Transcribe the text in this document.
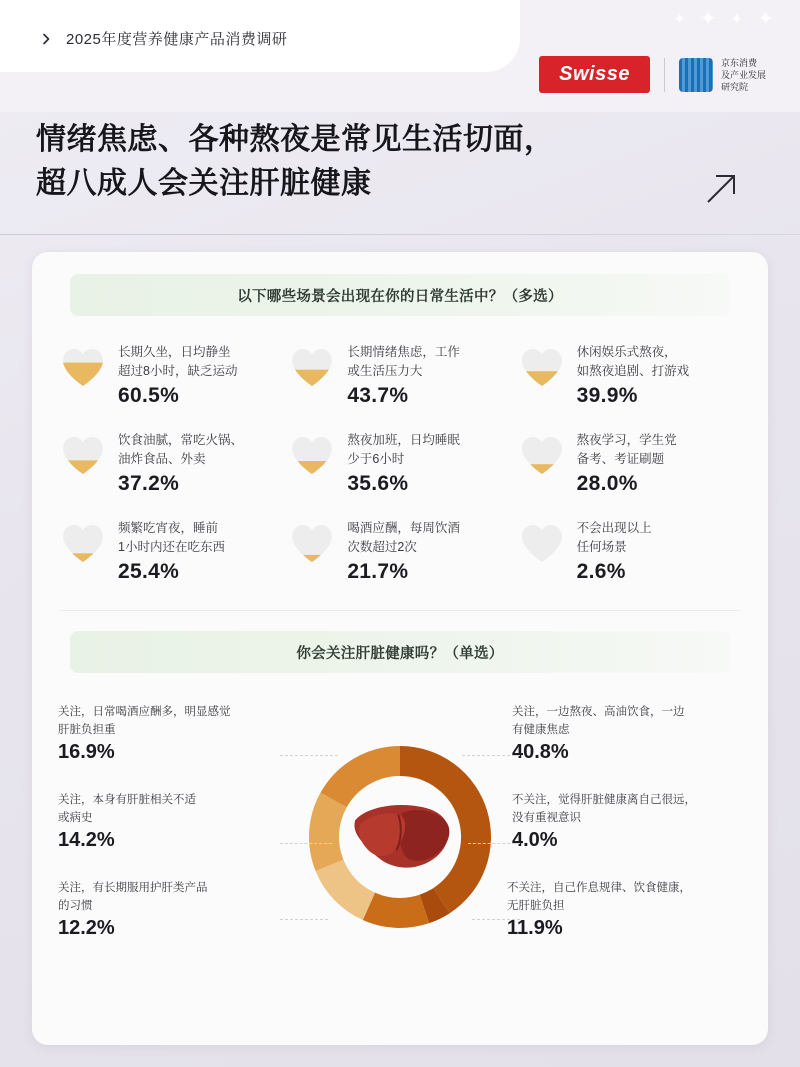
2025年度营养健康产品消费调研
✦ ✦ ✦ ✦
Swisse
京东消费
及产业发展
研究院
情绪焦虑、各种熬夜是常见生活切面，
超八成人会关注肝脏健康
以下哪些场景会出现在你的日常生活中？（多选）
长期久坐，日均静坐
超过8小时，缺乏运动
60.5%
长期情绪焦虑，工作
或生活压力大
43.7%
休闲娱乐式熬夜，
如熬夜追剧、打游戏
39.9%
饮食油腻，常吃火锅、
油炸食品、外卖
37.2%
熬夜加班，日均睡眠
少于6小时
35.6%
熬夜学习，学生党
备考、考证刷题
28.0%
频繁吃宵夜，睡前
1小时内还在吃东西
25.4%
喝酒应酬，每周饮酒
次数超过2次
21.7%
不会出现以上
任何场景
2.6%
你会关注肝脏健康吗？（单选）
关注，日常喝酒应酬多，明显感觉
肝脏负担重
16.9%
关注，本身有肝脏相关不适
或病史
14.2%
关注，有长期服用护肝类产品
的习惯
12.2%
关注，一边熬夜、高油饮食，一边
有健康焦虑
40.8%
不关注，觉得肝脏健康离自己很远，
没有重视意识
4.0%
不关注，自己作息规律、饮食健康，
无肝脏负担
11.9%
